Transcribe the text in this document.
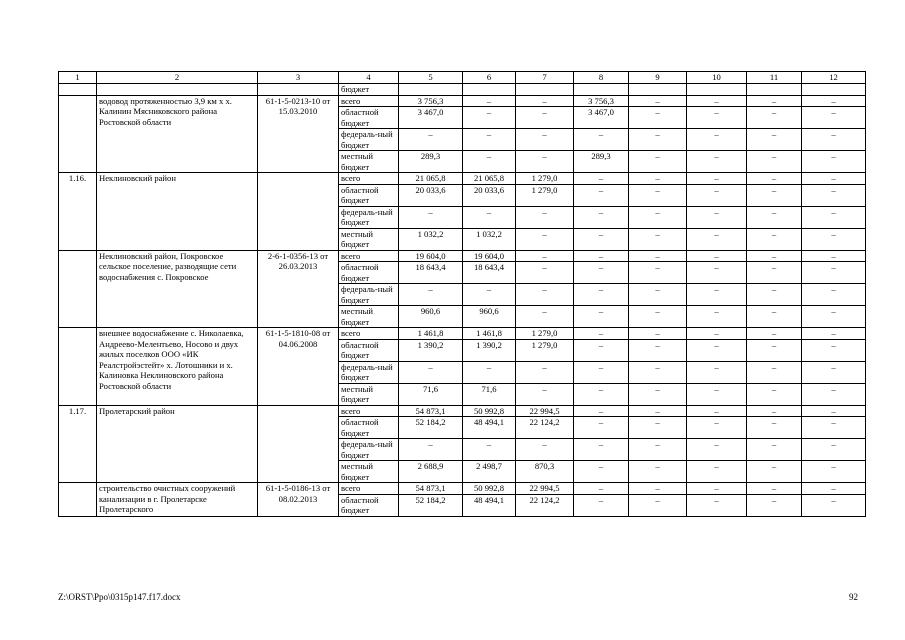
1	2	3	4	5	6	7	8	9	10	11	12
			бюджет								
	водовод протяженностью 3,9 км х х. Калинин Мясниковского района Ростовской области	61-1-5-0213-10 от 15.03.2010	всего	3 756,3	–	–	3 756,3	–	–	–	–
			областной бюджет	3 467,0	–	–	3 467,0	–	–	–	–
			федераль-ный бюджет	–	–	–	–	–	–	–	–
			местный бюджет	289,3	–	–	289,3	–	–	–	–
1.16.	Неклиновский район		всего	21 065,8	21 065,8	1 279,0	–	–	–	–	–
			областной бюджет	20 033,6	20 033,6	1 279,0	–	–	–	–	–
			федераль-ный бюджет	–	–	–	–	–	–	–	–
			местный бюджет	1 032,2	1 032,2	–	–	–	–	–	–
	Неклиновский район, Покровское сельское поселение, разводящие сети водоснабжения с. Покровское	2-6-1-0356-13 от 26.03.2013	всего	19 604,0	19 604,0	–	–	–	–	–	–
			областной бюджет	18 643,4	18 643,4	–	–	–	–	–	–
			федераль-ный бюджет	–	–	–	–	–	–	–	–
			местный бюджет	960,6	960,6	–	–	–	–	–	–
	внешнее водоснабжение с. Николаевка, Андреево-Мелентьево, Носово и двух жилых поселков ООО «ИК Реалстройэстейт» х. Лотошники и х. Калиновка Неклиновского района Ростовской области	61-1-5-1810-08 от 04.06.2008	всего	1 461,8	1 461,8	1 279,0	–	–	–	–	–
			областной бюджет	1 390,2	1 390,2	1 279,0	–	–	–	–	–
			федераль-ный бюджет	–	–	–	–	–	–	–	–
			местный бюджет	71,6	71,6	–	–	–	–	–	–
1.17.	Пролетарский район		всего	54 873,1	50 992,8	22 994,5	–	–	–	–	–
			областной бюджет	52 184,2	48 494,1	22 124,2	–	–	–	–	–
			федераль-ный бюджет	–	–	–	–	–	–	–	–
			местный бюджет	2 688,9	2 498,7	870,3	–	–	–	–	–
	строительство очистных сооружений канализации в г. Пролетарске Пролетарского	61-1-5-0186-13 от 08.02.2013	всего	54 873,1	50 992,8	22 994,5	–	–	–	–	–
			областной бюджет	52 184,2	48 494,1	22 124,2	–	–	–	–	–
Z:\ORST\Ppo\0315p147.f17.docx	92
